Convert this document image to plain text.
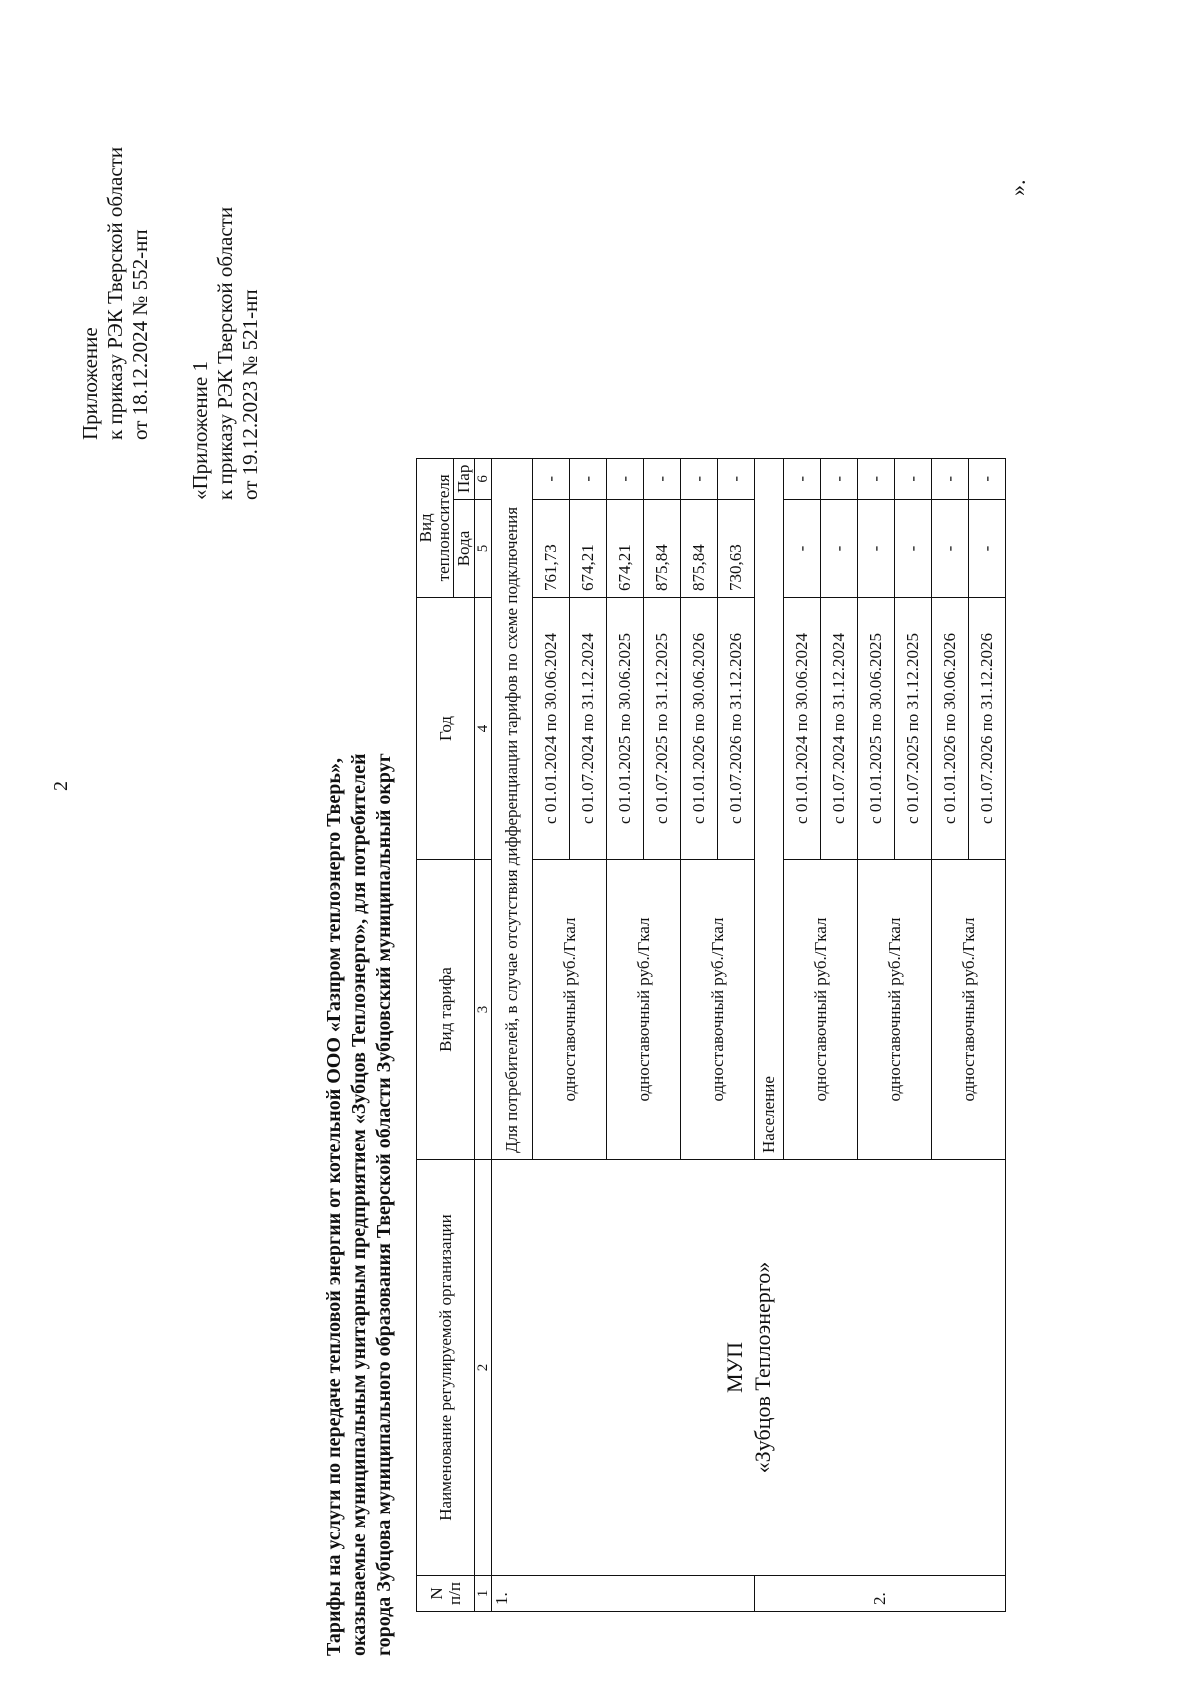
2
Приложение к приказу РЭК Тверской области от 18.12.2024 № 552-нп «Приложение 1 к приказу РЭК Тверской области от 19.12.2023 № 521-нп
Тарифы на услуги по передаче тепловой энергии от котельной ООО «Газпром теплоэнерго Тверь», оказываемые муниципальным унитарным предприятием «Зубцов Теплоэнерго», для потребителей города Зубцова муниципального образования Тверской области Зубцовский муниципальный округ N п/п	Наименование регулируемой организации	Вид тарифа	Год	Вид теплоносителя	
				Вода	Пар
1	2	3	4	5	6
1.	МУП «Зубцов Теплоэнерго»	Для потребителей, в случае отсутствия дифференциации тарифов по схеме подключения			
		одноставочный руб./Гкал	с 01.01.2024 по 30.06.2024	761,73	-
			с 01.07.2024 по 31.12.2024	674,21	-
		одноставочный руб./Гкал	с 01.01.2025 по 30.06.2025	674,21	-
			с 01.07.2025 по 31.12.2025	875,84	-
		одноставочный руб./Гкал	с 01.01.2026 по 30.06.2026	875,84	-
			с 01.07.2026 по 31.12.2026	730,63	-
2.		Население			
		одноставочный руб./Гкал	с 01.01.2024 по 30.06.2024	-	-
			с 01.07.2024 по 31.12.2024	-	-
		одноставочный руб./Гкал	с 01.01.2025 по 30.06.2025	-	-
			с 01.07.2025 по 31.12.2025	-	-
		одноставочный руб./Гкал	с 01.01.2026 по 30.06.2026	-	-
			с 01.07.2026 по 31.12.2026	-	-
».
